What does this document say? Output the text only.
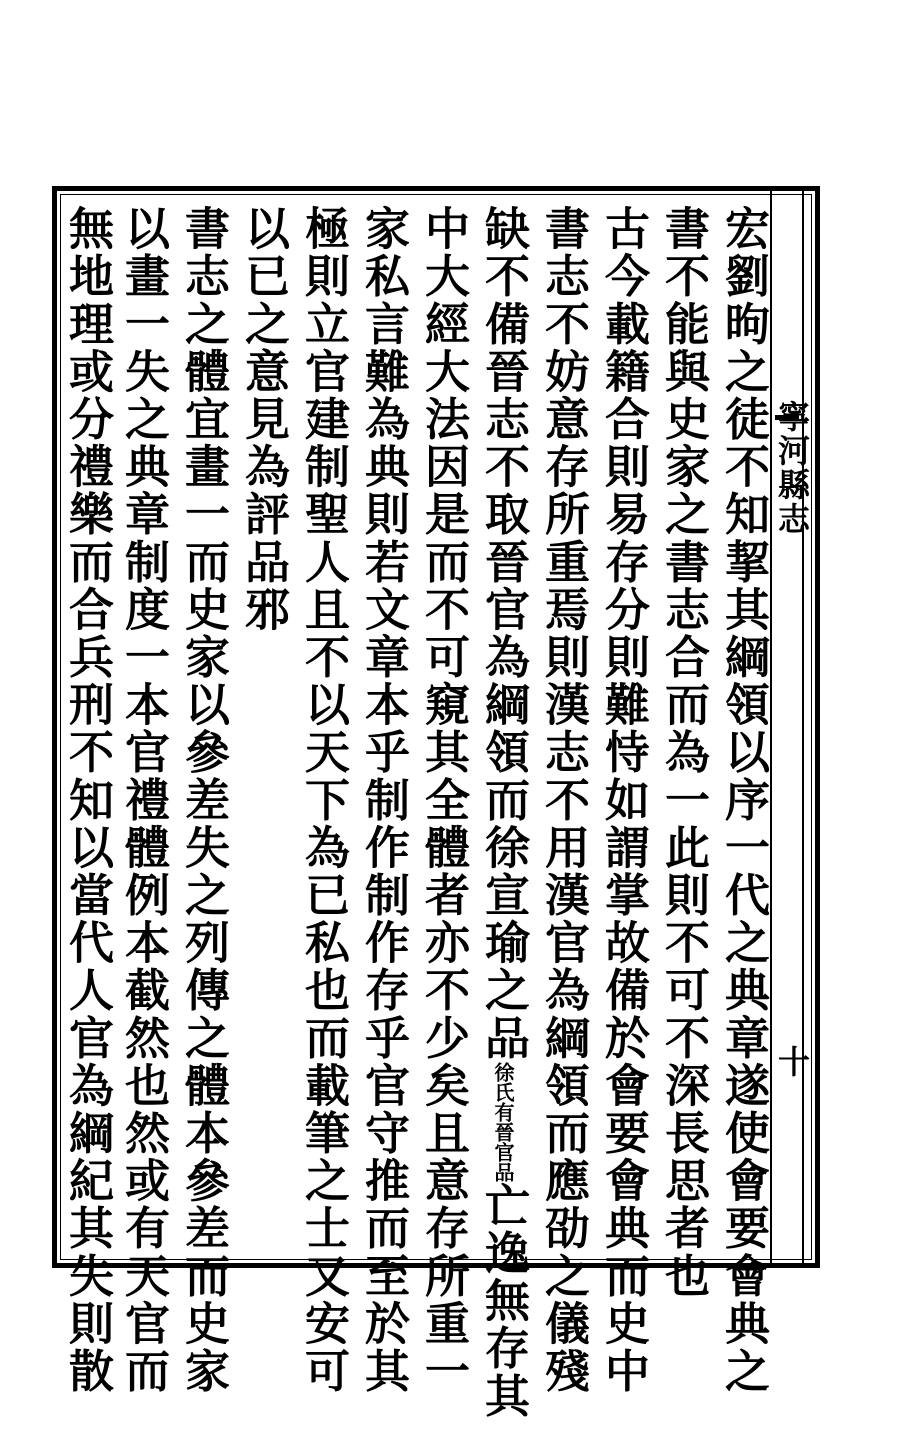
寧河縣志
十
宏劉昫之徒不知挈其綱領以序一代之典章遂使會要會典之
書不能與史家之書志合而為一此則不可不深長思者也
古今載籍合則易存分則難恃如謂掌故備於會要會典而史中
書志不妨意存所重焉則漢志不用漢官為綱領而應劭之儀殘
缺不備晉志不取晉官為綱領而徐宣瑜之品徐氏有晉官品亡逸無存其
中大經大法因是而不可窺其全體者亦不少矣且意存所重一
家私言難為典則若文章本乎制作制作存乎官守推而至於其
極則立官建制聖人且不以天下為已私也而載筆之士又安可
以已之意見為評品邪
書志之體宜畫一而史家以參差失之列傳之體本參差而史家
以畫一失之典章制度一本官禮體例本截然也然或有天官而
無地理或分禮樂而合兵刑不知以當代人官為綱紀其失則散
